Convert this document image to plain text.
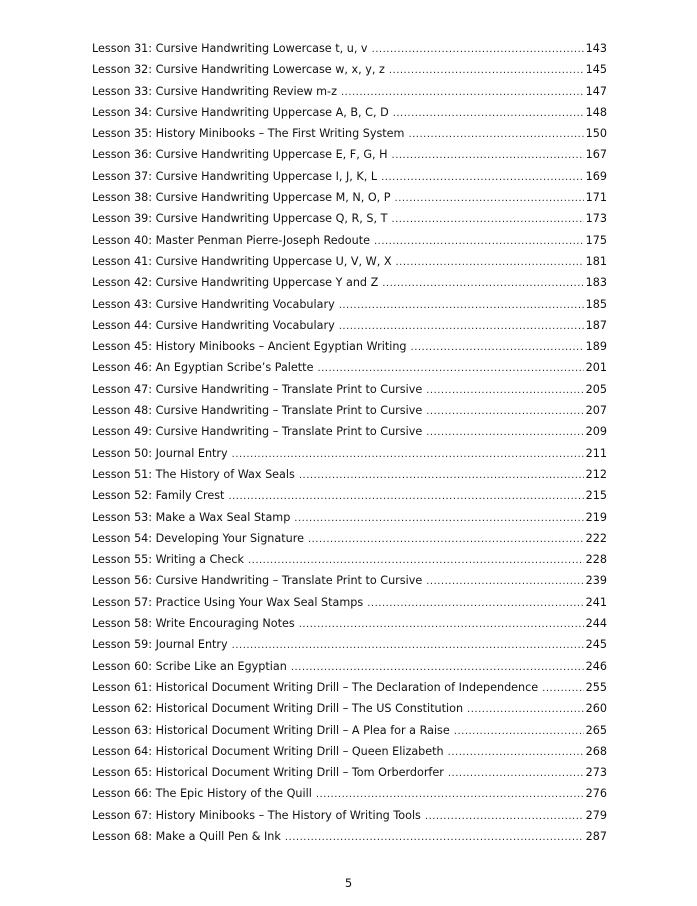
Lesson 31: Cursive Handwriting Lowercase t, u, v .....	143
Lesson 32: Cursive Handwriting Lowercase w, x, y, z .....	145
Lesson 33: Cursive Handwriting Review m-z .....	147
Lesson 34: Cursive Handwriting Uppercase A, B, C, D .....	148
Lesson 35: History Minibooks – The First Writing System .....	150
Lesson 36: Cursive Handwriting Uppercase E, F, G, H .....	167
Lesson 37: Cursive Handwriting Uppercase I, J, K, L .....	169
Lesson 38: Cursive Handwriting Uppercase M, N, O, P .....	171
Lesson 39: Cursive Handwriting Uppercase Q, R, S, T .....	173
Lesson 40: Master Penman Pierre-Joseph Redoute .....	175
Lesson 41: Cursive Handwriting Uppercase U, V, W, X .....	181
Lesson 42: Cursive Handwriting Uppercase Y and Z .....	183
Lesson 43: Cursive Handwriting Vocabulary .....	185
Lesson 44: Cursive Handwriting Vocabulary .....	187
Lesson 45: History Minibooks – Ancient Egyptian Writing .....	189
Lesson 46: An Egyptian Scribe’s Palette .....	201
Lesson 47: Cursive Handwriting – Translate Print to Cursive .....	205
Lesson 48: Cursive Handwriting – Translate Print to Cursive .....	207
Lesson 49: Cursive Handwriting – Translate Print to Cursive .....	209
Lesson 50: Journal Entry .....	211
Lesson 51: The History of Wax Seals .....	212
Lesson 52: Family Crest .....	215
Lesson 53: Make a Wax Seal Stamp .....	219
Lesson 54: Developing Your Signature .....	222
Lesson 55: Writing a Check .....	228
Lesson 56: Cursive Handwriting – Translate Print to Cursive .....	239
Lesson 57: Practice Using Your Wax Seal Stamps .....	241
Lesson 58: Write Encouraging Notes .....	244
Lesson 59: Journal Entry .....	245
Lesson 60: Scribe Like an Egyptian .....	246
Lesson 61: Historical Document Writing Drill – The Declaration of Independence .....	255
Lesson 62: Historical Document Writing Drill – The US Constitution .....	260
Lesson 63: Historical Document Writing Drill – A Plea for a Raise .....	265
Lesson 64: Historical Document Writing Drill – Queen Elizabeth .....	268
Lesson 65: Historical Document Writing Drill – Tom Orberdorfer .....	273
Lesson 66: The Epic History of the Quill .....	276
Lesson 67: History Minibooks – The History of Writing Tools .....	279
Lesson 68: Make a Quill Pen & Ink .....	287
5
